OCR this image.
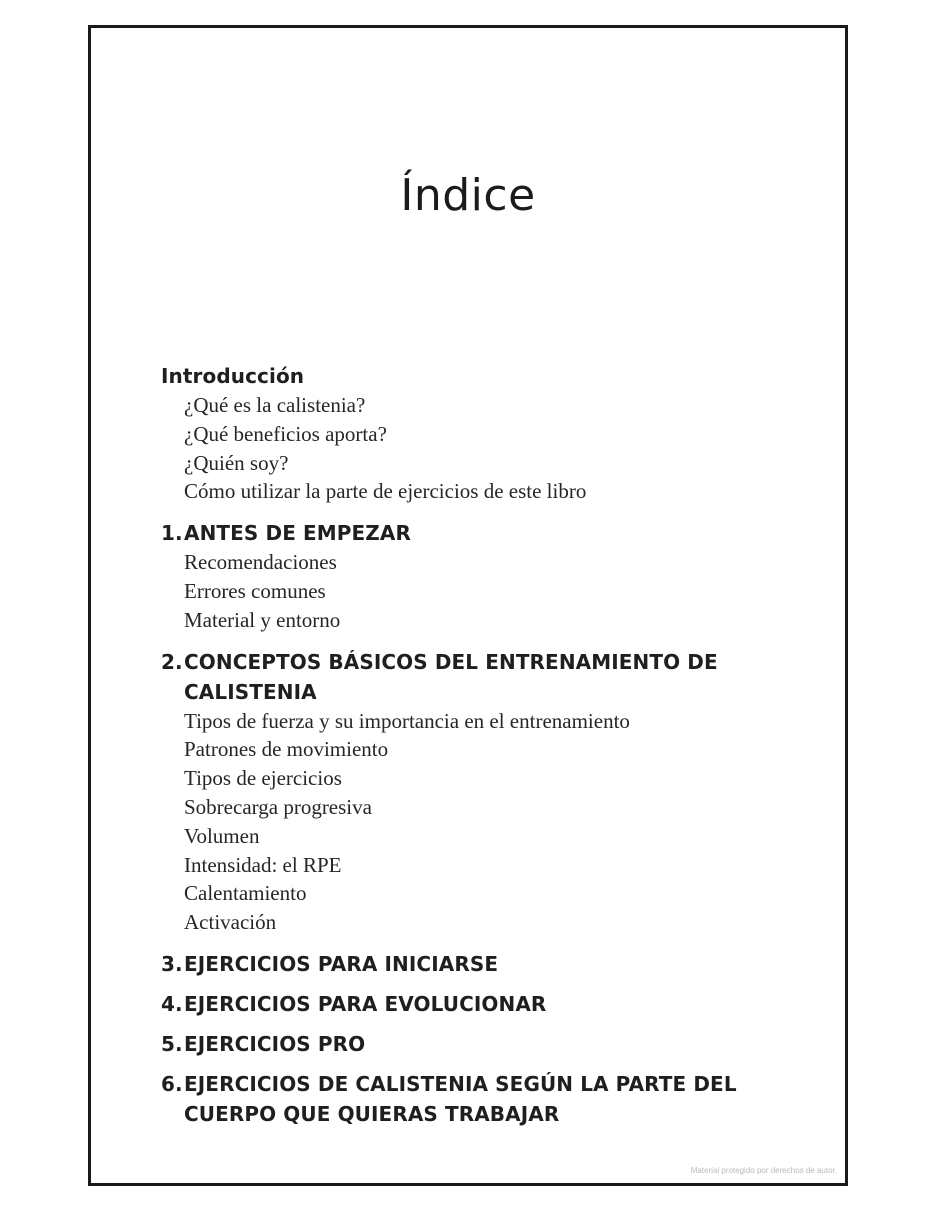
Índice
Introducción
¿Qué es la calistenia?
¿Qué beneficios aporta?
¿Quién soy?
Cómo utilizar la parte de ejercicios de este libro
1. ANTES DE EMPEZAR
Recomendaciones
Errores comunes
Material y entorno
2. CONCEPTOS BÁSICOS DEL ENTRENAMIENTO DE CALISTENIA
Tipos de fuerza y su importancia en el entrenamiento
Patrones de movimiento
Tipos de ejercicios
Sobrecarga progresiva
Volumen
Intensidad: el RPE
Calentamiento
Activación
3. EJERCICIOS PARA INICIARSE
4. EJERCICIOS PARA EVOLUCIONAR
5. EJERCICIOS PRO
6. EJERCICIOS DE CALISTENIA SEGÚN LA PARTE DEL CUERPO QUE QUIERAS TRABAJAR
Material protegido por derechos de autor.
